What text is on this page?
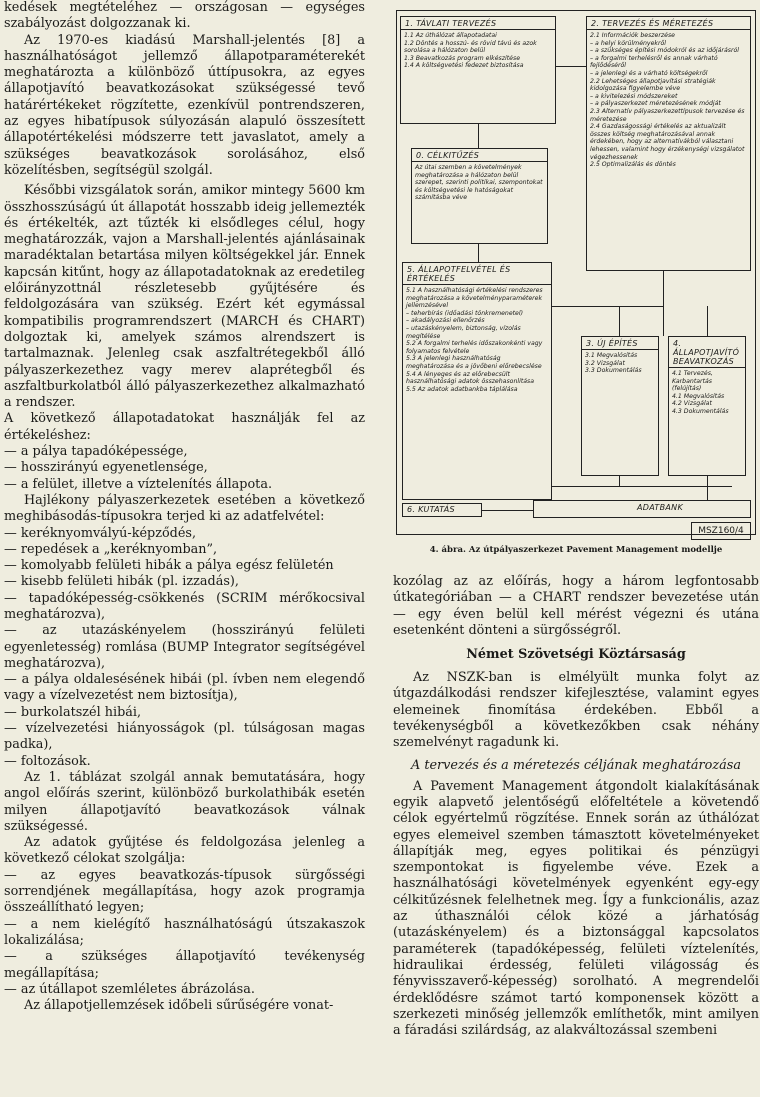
kedések megtételéhez — országosan — egységes szabályozást dolgozzanak ki.

Az 1970-es kiadású Marshall-jelentés [8] a használhatóságot jellemző állapotparaméterekét meghatározta a különböző úttípusokra, az egyes állapotjavító beavatkozásokat szükségessé tevő határértékeket rögzítette, ezenkívül pontrendszeren, az egyes hibatípusok súlyozásán alapuló összesített állapotértékelési módszerre tett javaslatot, amely a szükséges beavatkozások sorolásához, első közelítésben, segítségül szolgál.

Későbbi vizsgálatok során, amikor mintegy 5600 km összhosszúságú út állapotát hosszabb ideig jellemezték és értékelték, azt tűzték ki elsődleges célul, hogy meghatározzák, vajon a Marshall-jelentés ajánlásainak maradéktalan betartása milyen költségekkel jár. Ennek kapcsán kitűnt, hogy az állapotadatoknak az eredetileg előirányzottnál részletesebb gyűjtésére és feldolgozására van szükség. Ezért két egymással kompatibilis programrendszert (MARCH és CHART) dolgoztak ki, amelyek számos alrendszert is tartalmaznak. Jelenleg csak aszfaltrétegekből álló pályaszerkezethez vagy merev alaprétegből és aszfaltburkolatból álló pályaszerkezethez alkalmazható a rendszer.

A következő állapotadatokat használják fel az értékeléshez:

— a pálya tapadóképessége,

— hosszirányú egyenetlensége,

— a felület, illetve a víztelenítés állapota.

Hajlékony pályaszerkezetek esetében a következő meghibásodás-típusokra terjed ki az adatfelvétel:

— keréknyomvályú-képződés,

— repedések a „keréknyomban”,

— komolyabb felületi hibák a pálya egész felületén

— kisebb felületi hibák (pl. izzadás),

— tapadóképesség-csökkenés (SCRIM mérőkocsival meghatározva),

— az utazáskényelem (hosszirányú felületi egyenletesség) romlása (BUMP Integrator segítségével meghatározva),

— a pálya oldalesésének hibái (pl. ívben nem elegendő vagy a vízelvezetést nem biztosítja),

— burkolatszél hibái,

— vízelvezetési hiányosságok (pl. túlságosan magas padka),

— foltozások.

Az 1. táblázat szolgál annak bemutatására, hogy angol előírás szerint, különböző burkolathibák esetén milyen állapotjavító beavatkozások válnak szükségessé.

Az adatok gyűjtése és feldolgozása jelenleg a következő célokat szolgálja:

— az egyes beavatkozás-típusok sürgősségi sorrendjének megállapítása, hogy azok programja összeállítható legyen;

— a nem kielégítő használhatóságú útszakaszok lokalizálása;

— a szükséges állapotjavító tevékenység megállapítása;

— az útállapot szemléletes ábrázolása.

Az állapotjellemzések időbeli sűrűségére vonat-

1. TÁVLATI TERVEZÉS
1.1 Az úthálózat állapotadatai
1.2 Döntés a hosszú- és rövid távú és azok sorolása a hálózaton belül
1.3 Beavatkozás program elkészítése
1.4 A költségvetési fedezet biztosítása
0. CÉLKITŰZÉS
Az útai szemben a követelmények meghatározása a hálózaton belül szerepet, szerinti politikai, szempontokat és költségvetési le hatóságokat számításba véve
2. TERVEZÉS ÉS MÉRETEZÉS
2.1 Információk beszerzése
– a helyi körülményekről
– a szükséges építési módokról és az időjárásról
– a forgalmi terhelésről és annak várható fejlődéséről
– a jelenlegi és a várható költségekről
2.2 Lehetséges állapotjavítási stratégiák kidolgozása figyelembe véve
– a kivitelezési módszereket
– a pályaszerkezet méretezésének módját
2.3 Alternatív pályaszerkezettípusok tervezése és méretezése
2.4 Gazdaságossági értékelés az aktualizált összes költség meghatározásával annak érdekében, hogy az alternatívákból választani lehessen, valamint hogy érzékenységi vizsgálatot végezhessenek
2.5 Optimalizálás és döntés
5. ÁLLAPOTFELVÉTEL ÉS ÉRTÉKELÉS
5.1 A használhatósági értékelési rendszeres meghatározása a követelményparaméterek jellemzésével
– teherbírás (időadási tönkremenetel)
– akadályozási ellenőrzés
– utazáskényelem, biztonság, vízolás megítélése
5.2 A forgalmi terhelés időszakonkénti vagy folyamatos felvétele
5.3 A jelenlegi használhatóság meghatározása és a jövőbeni előrebecslése
5.4 A lényeges és az előrebecsült használhatósági adatok összehasonlítása
5.5 Az adatok adatbankba táplálása
3. ÚJ ÉPÍTÉS
3.1 Megvalósítás
3.2 Vizsgálat
3.3 Dokumentálás
4. ÁLLAPOTJAVÍTÓ BEAVATKOZÁS
4.1 Tervezés, Karbantartás (felújítás)
4.1 Megvalósítás
4.2 Vizsgálat
4.3 Dokumentálás
6. KUTATÁS	ADATBANK
MSZ160/4

4. ábra. Az útpályaszerkezet Pavement Management modellje

kozólag az az előírás, hogy a három legfontosabb útkategóriában — a CHART rendszer bevezetése után — egy éven belül kell mérést végezni és utána esetenként dönteni a sürgősségről.

Német Szövetségi Köztársaság

Az NSZK-ban is elmélyült munka folyt az útgazdálkodási rendszer kifejlesztése, valamint egyes elemeinek finomítása érdekében. Ebből a tevékenységből a következőkben csak néhány szemelvényt ragadunk ki.

A tervezés és a méretezés céljának meghatározása

A Pavement Management átgondolt kialakításának egyik alapvető jelentőségű előfeltétele a követendő célok egyértelmű rögzítése. Ennek során az úthálózat egyes elemeivel szemben támasztott követelményeket állapítják meg, egyes politikai és pénzügyi szempontokat is figyelembe véve. Ezek a használhatósági követelmények egyenként egy-egy célkitűzésnek felelhetnek meg. Így a funkcionális, azaz az úthasználói célok közé a járhatóság (utazáskényelem) és a biztonsággal kapcsolatos paraméterek (tapadóképesség, felületi víztelenítés, hidraulikai érdesség, felületi világosság és fényvisszaverő-képesség) sorolható. A megrendelői érdeklődésre számot tartó komponensek között a szerkezeti minőség jellemzők említhetők, mint amilyen a fáradási szilárdság, az alakváltozással szembeni
